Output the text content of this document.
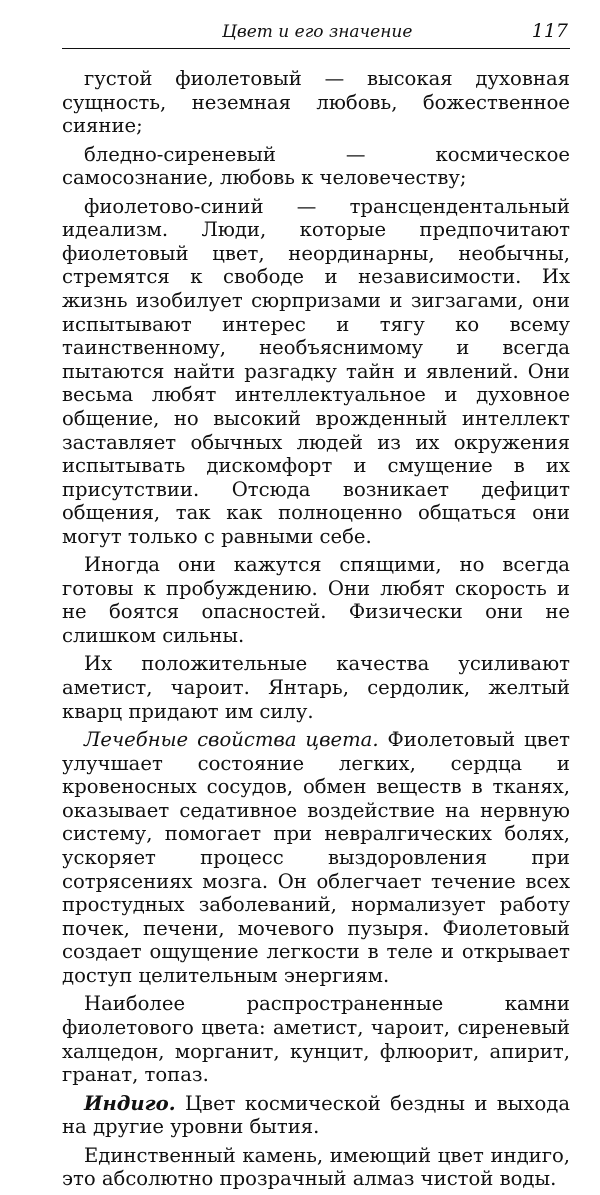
Цвет и его значение	117

густой фиолетовый — высокая духовная сущность, неземная любовь, божественное сияние;

бледно-сиреневый — космическое самосознание, любовь к человечеству;

фиолетово-синий — трансцендентальный идеализм. Люди, которые предпочитают фиолетовый цвет, неординарны, необычны, стремятся к свободе и независимости. Их жизнь изобилует сюрпризами и зигзагами, они испытывают интерес и тягу ко всему таинственному, необъяснимому и всегда пытаются найти разгадку тайн и явлений. Они весьма любят интеллектуальное и духовное общение, но высокий врожденный интеллект заставляет обычных людей из их окружения испытывать дискомфорт и смущение в их присутствии. Отсюда возникает дефицит общения, так как полноценно общаться они могут только с равными себе.

Иногда они кажутся спящими, но всегда готовы к пробуждению. Они любят скорость и не боятся опасностей. Физически они не слишком сильны.

Их положительные качества усиливают аметист, чароит. Янтарь, сердолик, желтый кварц придают им силу.

Лечебные свойства цвета. Фиолетовый цвет улучшает состояние легких, сердца и кровеносных сосудов, обмен веществ в тканях, оказывает седативное воздействие на нервную систему, помогает при невралгических болях, ускоряет процесс выздоровления при сотрясениях мозга. Он облегчает течение всех простудных заболеваний, нормализует работу почек, печени, мочевого пузыря. Фиолетовый создает ощущение легкости в теле и открывает доступ целительным энергиям.

Наиболее распространенные камни фиолетового цвета: аметист, чароит, сиреневый халцедон, морганит, кунцит, флюорит, апирит, гранат, топаз.

Индиго. Цвет космической бездны и выхода на другие уровни бытия.

Единственный камень, имеющий цвет индиго, это абсолютно прозрачный алмаз чистой воды.
